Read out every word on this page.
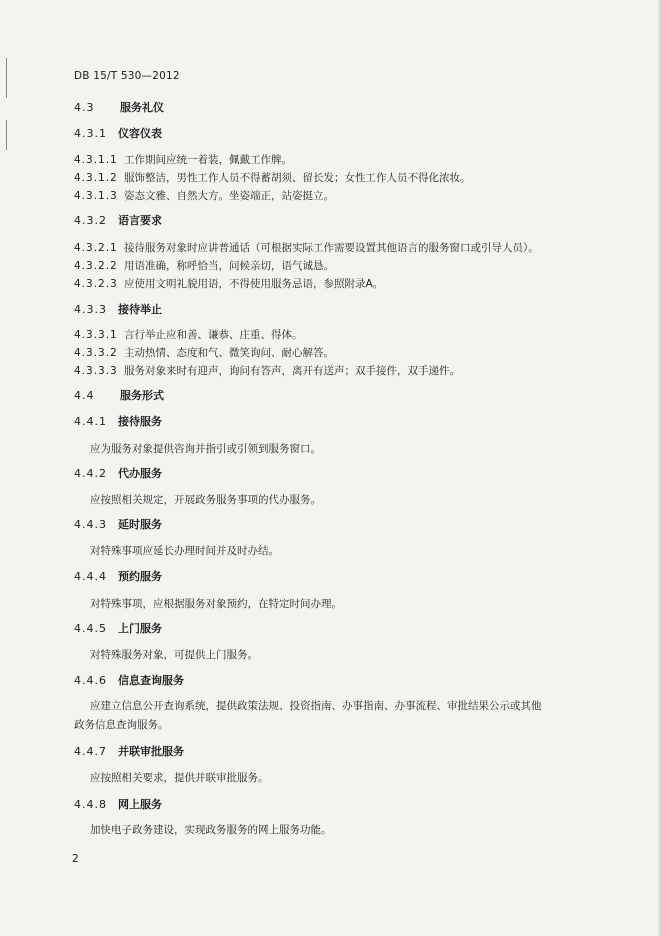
DB 15/T 530—2012
4.3 服务礼仪
4.3.1 仪容仪表
4.3.1.1 工作期间应统一着装，佩戴工作牌。
4.3.1.2 服饰整洁，男性工作人员不得蓄胡须、留长发；女性工作人员不得化浓妆。
4.3.1.3 姿态文雅、自然大方。坐姿端正，站姿挺立。
4.3.2 语言要求
4.3.2.1 接待服务对象时应讲普通话（可根据实际工作需要设置其他语言的服务窗口或引导人员）。
4.3.2.2 用语准确，称呼恰当，问候亲切，语气诚恳。
4.3.2.3 应使用文明礼貌用语，不得使用服务忌语，参照附录A。
4.3.3 接待举止
4.3.3.1 言行举止应和善、谦恭、庄重、得体。
4.3.3.2 主动热情、态度和气、微笑询问、耐心解答。
4.3.3.3 服务对象来时有迎声，询问有答声，离开有送声；双手接件，双手递件。
4.4 服务形式
4.4.1 接待服务
应为服务对象提供咨询并指引或引领到服务窗口。
4.4.2 代办服务
应按照相关规定，开展政务服务事项的代办服务。
4.4.3 延时服务
对特殊事项应延长办理时间并及时办结。
4.4.4 预约服务
对特殊事项，应根据服务对象预约，在特定时间办理。
4.4.5 上门服务
对特殊服务对象，可提供上门服务。
4.4.6 信息查询服务
应建立信息公开查询系统，提供政策法规、投资指南、办事指南、办事流程、审批结果公示或其他
政务信息查询服务。
4.4.7 并联审批服务
应按照相关要求，提供并联审批服务。
4.4.8 网上服务
加快电子政务建设，实现政务服务的网上服务功能。
2
